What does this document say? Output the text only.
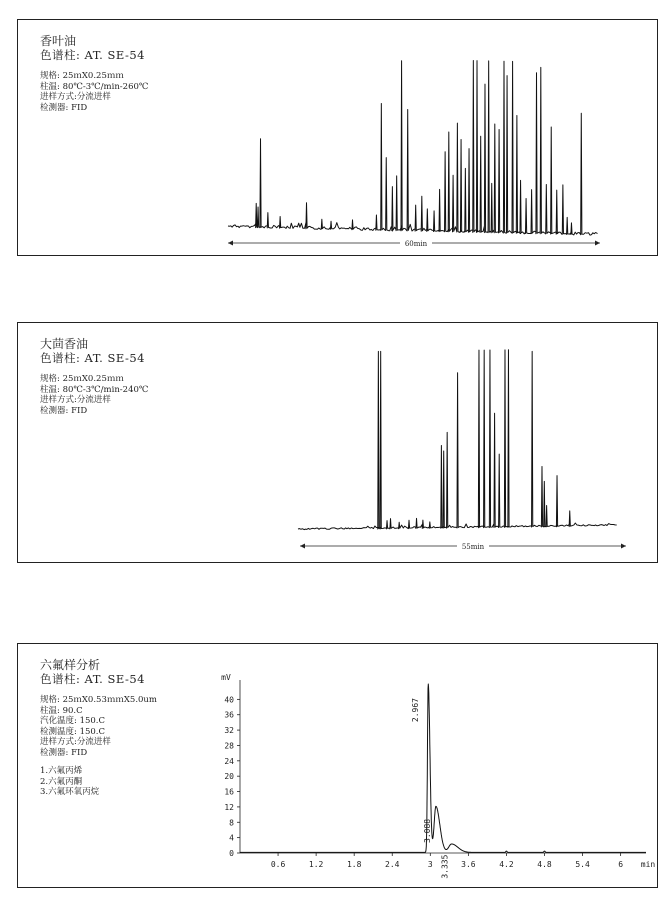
香叶油

色谱柱: AT. SE-54

规格: 25ｍX0.25ｍｍ

柱温: 80℃-3℃/min-260℃

进样方式:分流进样

检测器: FID

60min

大茴香油

色谱柱: AT. SE-54

规格: 25ｍX0.25ｍｍ

柱温: 80℃-3℃/min-240℃

进样方式:分流进样

检测器: FID

55min

六氟样分析

色谱柱: AT. SE-54

规格: 25ｍX0.53ｍｍX5.0um

柱温: 90.C

汽化温度: 150.C

检测温度: 150.C

进样方式:分流进样

检测器: FID

1.六氟丙烯

2.六氟丙酮

3.六氟环氧丙烷

0
4
8
12
16
20
24
28
32
36
40
0.6	1.2	1.8	2.4	3	3.6	4.2	4.8	5.4	6
mV
min
2.967
3.088
3.335
